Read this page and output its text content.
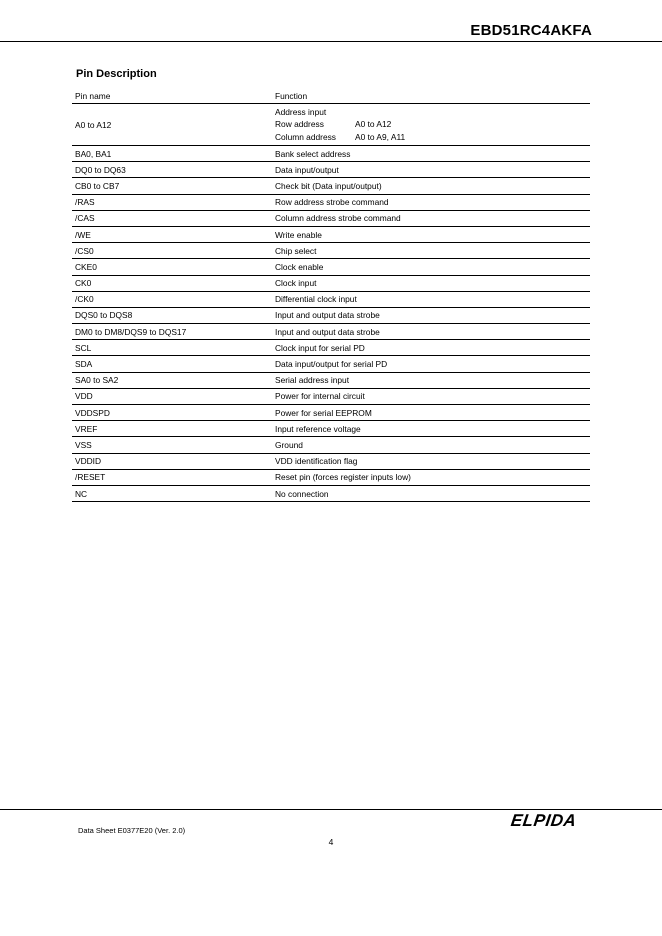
EBD51RC4AKFA
Pin Description
Pin name	Function
A0 to A12	Address input
Row address A0 to A12
Column address A0 to A9, A11

BA0, BA1	Bank select address
DQ0 to DQ63	Data input/output
CB0 to CB7	Check bit (Data input/output)
/RAS	Row address strobe command
/CAS	Column address strobe command
/WE	Write enable
/CS0	Chip select
CKE0	Clock enable
CK0	Clock input
/CK0	Differential clock input
DQS0 to DQS8	Input and output data strobe
DM0 to DM8/DQS9 to DQS17	Input and output data strobe
SCL	Clock input for serial PD
SDA	Data input/output for serial PD
SA0 to SA2	Serial address input
VDD	Power for internal circuit
VDDSPD	Power for serial EEPROM
VREF	Input reference voltage
VSS	Ground
VDDID	VDD identification flag
/RESET	Reset pin (forces register inputs low)
NC	No connection
ELPIDA
Data Sheet E0377E20 (Ver. 2.0)
4
